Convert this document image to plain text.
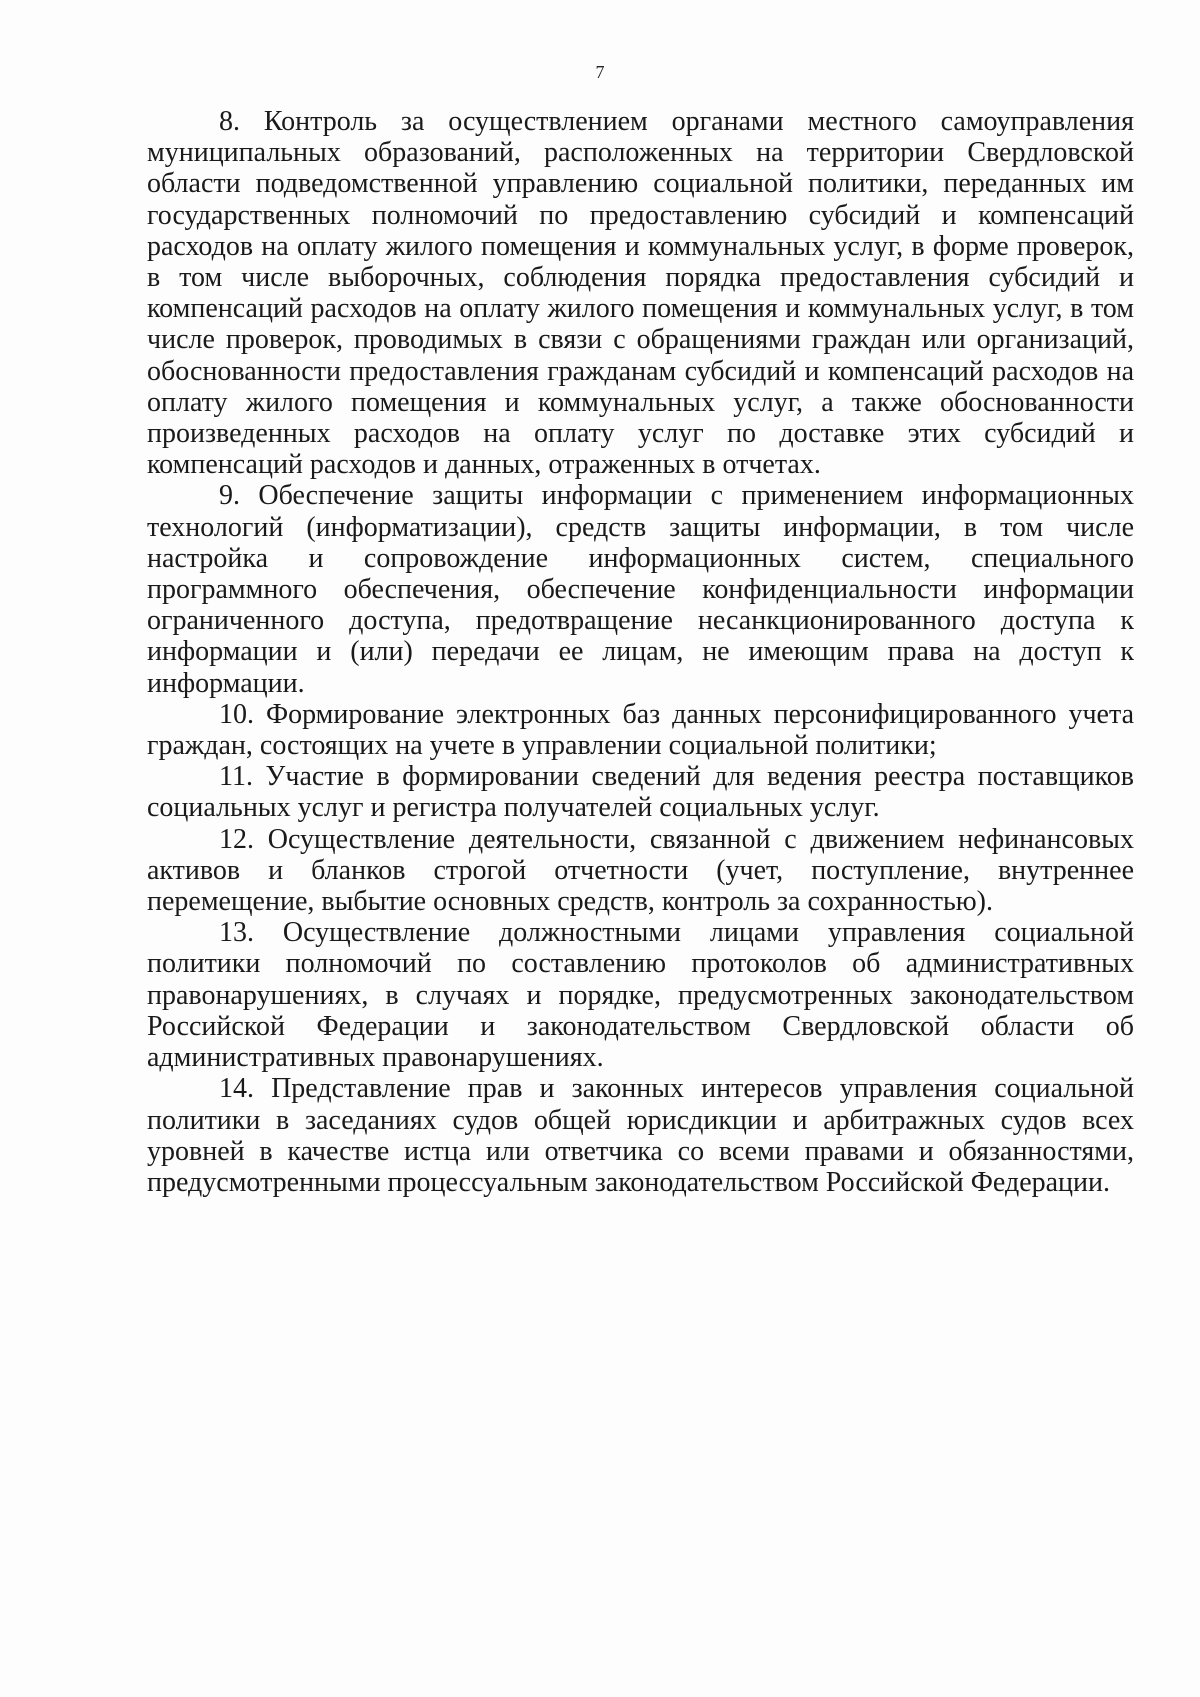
7

8. Контроль за осуществлением органами местного самоуправления муниципальных образований, расположенных на территории Свердловской области подведомственной управлению социальной политики, переданных им государственных полномочий по предоставлению субсидий и компенсаций расходов на оплату жилого помещения и коммунальных услуг, в форме проверок, в том числе выборочных, соблюдения порядка предоставления субсидий и компенсаций расходов на оплату жилого помещения и коммунальных услуг, в том числе проверок, проводимых в связи с обращениями граждан или организаций, обоснованности предоставления гражданам субсидий и компенсаций расходов на оплату жилого помещения и коммунальных услуг, а также обоснованности произведенных расходов на оплату услуг по доставке этих субсидий и компенсаций расходов и данных, отраженных в отчетах.

9. Обеспечение защиты информации с применением информационных технологий (информатизации), средств защиты информации, в том числе настройка и сопровождение информационных систем, специального программного обеспечения, обеспечение конфиденциальности информации ограниченного доступа, предотвращение несанкционированного доступа к информации и (или) передачи ее лицам, не имеющим права на доступ к информации.

10. Формирование электронных баз данных персонифицированного учета граждан, состоящих на учете в управлении социальной политики;

11. Участие в формировании сведений для ведения реестра поставщиков социальных услуг и регистра получателей социальных услуг.

12. Осуществление деятельности, связанной с движением нефинансовых активов и бланков строгой отчетности (учет, поступление, внутреннее перемещение, выбытие основных средств, контроль за сохранностью).

13. Осуществление должностными лицами управления социальной политики полномочий по составлению протоколов об административных правонарушениях, в случаях и порядке, предусмотренных законодательством Российской Федерации и законодательством Свердловской области об административных правонарушениях.

14. Представление прав и законных интересов управления социальной политики в заседаниях судов общей юрисдикции и арбитражных судов всех уровней в качестве истца или ответчика со всеми правами и обязанностями, предусмотренными процессуальным законодательством Российской Федерации.
